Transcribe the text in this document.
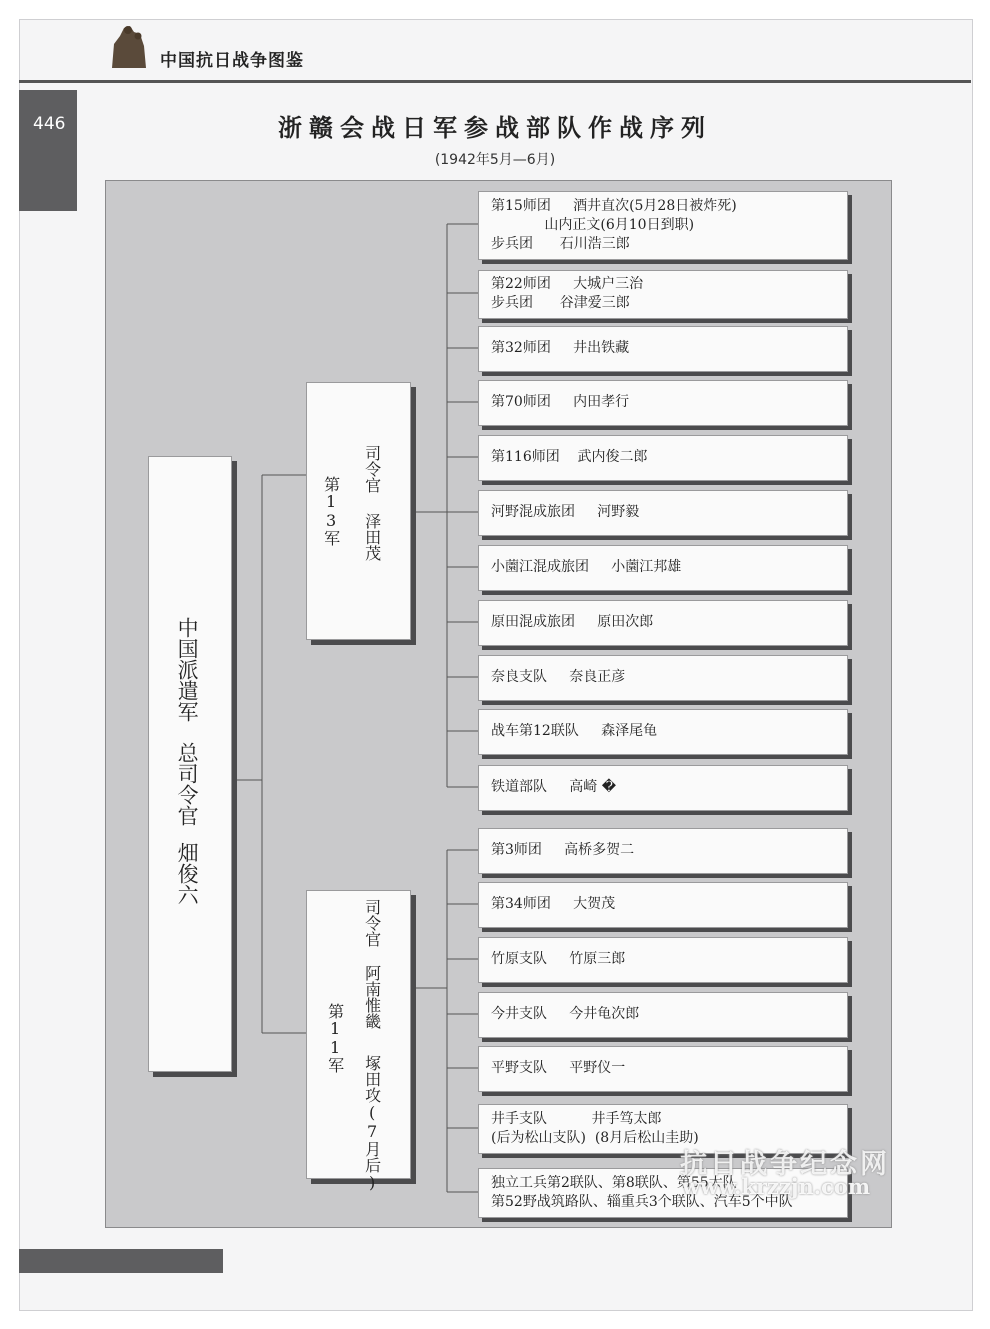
中国抗日战争图鉴
446	浙赣会战日军参战部队作战序列
(1942年5月—6月)
中国派遣军
总司令官
畑俊六
第13军
司令官
泽田茂
第11军
司令官
阿南惟畿
塚田攻(7月后)
第15师团     酒井直次(5月28日被炸死)
山内正文(6月10日到职)
步兵团      石川浩三郎
第22师团     大城户三治
步兵团      谷津爱三郎
第32师团     井出铁藏
第70师团     内田孝行
第116师团    武内俊二郎
河野混成旅团     河野毅
小薗江混成旅团     小薗江邦雄
原田混成旅团     原田次郎
奈良支队     奈良正彦
战车第12联队     森泽尾龟
铁道部队     高崎 �
第3师团     高桥多贺二
第34师团     大贺茂
竹原支队     竹原三郎
今井支队     今井龟次郎
平野支队     平野仪一
井手支队          井手笃太郎
(后为松山支队)  (8月后松山圭助)
独立工兵第2联队、第8联队、第55大队
第52野战筑路队、辎重兵3个联队、汽车5个中队
抗日战争纪念网
www.krzzjn.com
